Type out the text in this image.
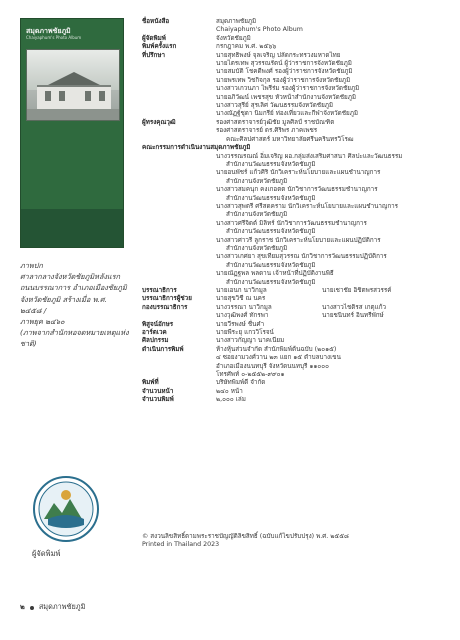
สมุดภาพชัยภูมิ
Chaiyaphum's Photo Album
ภาพปก
ศาลากลางจังหวัดชัยภูมิหลังแรก
ถนนบรรณาการ อำเภอเมืองชัยภูมิ
จังหวัดชัยภูมิ สร้างเมื่อ พ.ศ. ๒๔๕๘ /
ภาพยุค ๒๔๖๐
(ภาพจากสำนักหอจดหมายเหตุแห่งชาติ)
ผู้จัดพิมพ์
ชื่อหนังสือ	สมุดภาพชัยภูมิ
Chaiyaphum's Photo Album
ผู้จัดพิมพ์	จังหวัดชัยภูมิ
พิมพ์ครั้งแรก	กรกฎาคม พ.ศ. ๒๕๖๖
ที่ปรึกษา	นายสุทธิพงษ์ จุลเจริญ ปลัดกระทรวงมหาดไทย
นายไตรเทพ สุวรรณรัตน์ ผู้ว่าราชการจังหวัดชัยภูมิ
นายสมบัติ โชคดีพงศ์ รองผู้ว่าราชการจังหวัดชัยภูมิ
นายพรเทพ วิชกิจกุล รองผู้ว่าราชการจังหวัดชัยภูมิ
นางสาวเกวนภา ไพรีร่ม รองผู้ว่าราชการจังหวัดชัยภูมิ
นายอภิวัฒน์ เพชรสุข หัวหน้าสำนักงานจังหวัดชัยภูมิ
นางสาวสุรีย์ สุรเลิศ วัฒนธรรมจังหวัดชัยภูมิ
นางณัฏฐ์ชุดา นิมกรีย์ ท่องเที่ยวและกีฬาจังหวัดชัยภูมิ
ผู้ทรงคุณวุฒิ	รองศาสตราจารย์วุฒิชัย มูลศิลป์ ราชบัณฑิต
รองศาสตราจารย์ ดร.ศิริพร ภาคเพชร
คณะศิลปศาสตร์ มหาวิทยาลัยศรีนครินทรวิโรฒ
คณะกรรมการดำเนินงานสมุดภาพชัยภูมิ
นางวรรณรณณ์ อิ่มเจริญ ผอ.กลุ่มส่งเสริมศาสนา ศิลปะและวัฒนธรรม
สำนักงานวัฒนธรรมจังหวัดชัยภูมิ
นายอนพัชร์ แก้วศิริ นักวิเคราะห์นโยบายและแผนชำนาญการ
สำนักงานจังหวัดชัยภูมิ
นางสาวสมคนุก คงเกอตต นักวิชาการวัฒนธรรมชำนาญการ
สำนักงานวัฒนธรรมจังหวัดชัยภูมิ
นางสาวสุพตรี ศรีสดคราม นักวิเคราะห์นโยบายและแผนชำนาญการ
สำนักงานจังหวัดชัยภูมิ
นางสาวศรีจิดต์ มิลิทร์ นักวิชาการวัฒนธรรมชำนาญการ
สำนักงานวัฒนธรรมจังหวัดชัยภูมิ
นางสาวศาวรี ลูกราช นักวิเคราะห์นโยบายและแผนปฏิบัติการ
สำนักงานจังหวัดชัยภูมิ
นางสาวเกศยา สุขเทียมสุวรรณ นักวิชาการวัฒนธรรมปฏิบัติการ
สำนักงานวัฒนธรรมจังหวัดชัยภูมิ
นายณัฏฐพล พลดาน เจ้าหน้าที่ปฏิบัติงานพิธี
สำนักงานวัฒนธรรมจังหวัดชัยภูมิ
บรรณาธิการ	นายเอนก นาวิกมูล	นายเชาชัย อิชิตพรสวรรค์
บรรณาธิการผู้ช่วย	นายสุขวิชี ณ นคร
กองบรรณาธิการ	นางวรรณา นาวิกมูล	นางสาวไชติรส เกตุแก้ว
นางวุฒิพงศ์ ทักรพา	นายชนินทร์ อินทรีพักษ์
พิสูจน์อักษร	นายวีรพงษ์ ชื่นคำ
อาร์ตเวค	นายพีระยุ แกววิโรจน์
ศิลปกรรม	นางสาวกัญญา นาคเนียม
ดำเนินการพิมพ์	ห้างหุ้นส่วนจำกัด สำนักพิมพ์ต้นฉบับ (๒๐๑๕)
๔ ซอยงามวงศ์วาน ๒๓ แยก ๑๕ ตำบลบางเขน
อำเภอเมืองนนทบุรี จังหวัดนนทบุรี ๑๑๐๐๐
โทรศัพท์ ๐-๒๕๕๒-๙๙๐๑
พิมพ์ที่	บริษัทพิมพ์ดี จำกัด
จำนวนหน้า	๒๔๐ หน้า
จำนวนพิมพ์	๒,๐๐๐ เล่ม
© สงวนลิขสิทธิ์ตามพระราชบัญญัติลิขสิทธิ์ (ฉบับแก้ไขปรับปรุง) พ.ศ. ๒๕๕๘
Printed in Thailand 2023
๒ สมุดภาพชัยภูมิ
